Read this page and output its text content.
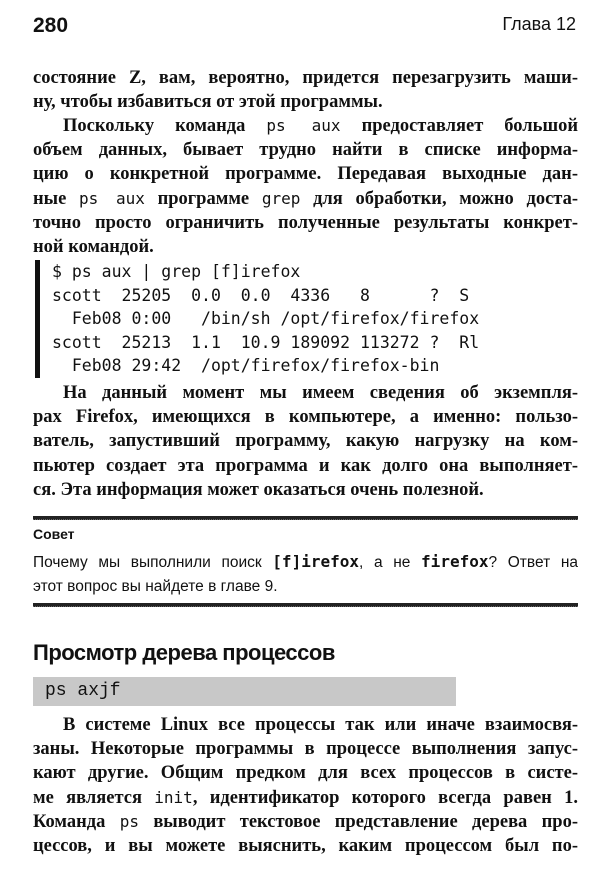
280	Глава 12
состояние Z, вам, вероятно, придется перезагрузить маши-
ну, чтобы избавиться от этой программы.
Поскольку команда ps aux предоставляет большой
объем данных, бывает трудно найти в списке информа-
цию о конкретной программе. Передавая выходные дан-
ные ps aux программе grep для обработки, можно доста-
точно просто ограничить полученные результаты конкрет-
ной командой.
$ ps aux | grep [f]irefox
scott  25205  0.0  0.0  4336   8      ?  S
Feb08 0:00   /bin/sh /opt/firefox/firefox
scott  25213  1.1  10.9 189092 113272 ?  Rl
Feb08 29:42  /opt/firefox/firefox-bin
На данный момент мы имеем сведения об экземпля-
рах Firefox, имеющихся в компьютере, а именно: пользо-
ватель, запустивший программу, какую нагрузку на ком-
пьютер создает эта программа и как долго она выполняет-
ся. Эта информация может оказаться очень полезной.
Совет
Почему мы выполнили поиск [f]irefox, а не firefox? Ответ на
этот вопрос вы найдете в главе 9.
Просмотр дерева процессов
ps axjf
В системе Linux все процессы так или иначе взаимосвя-
заны. Некоторые программы в процессе выполнения запус-
кают другие. Общим предком для всех процессов в систе-
ме является init, идентификатор которого всегда равен 1.
Команда ps выводит текстовое представление дерева про-
цессов, и вы можете выяснить, каким процессом был по-
